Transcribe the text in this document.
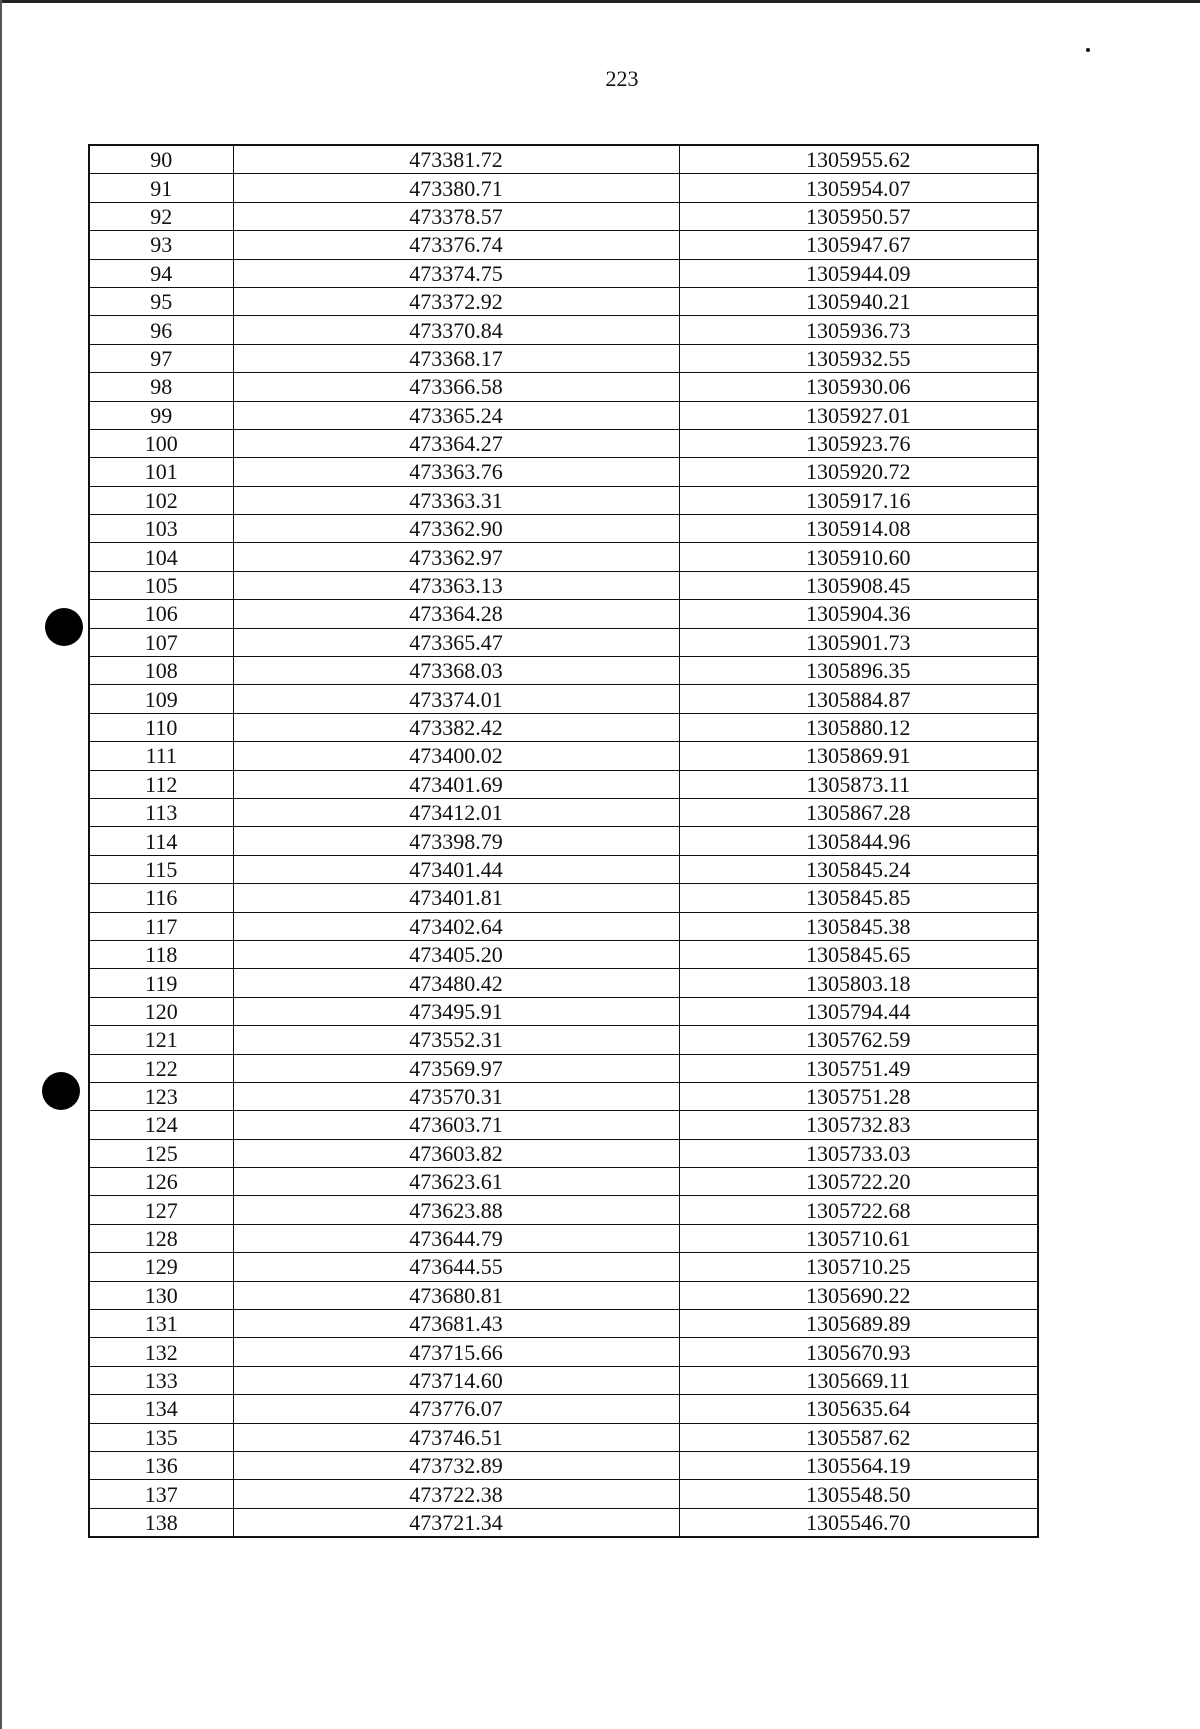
223
90	473381.72	1305955.62
91	473380.71	1305954.07
92	473378.57	1305950.57
93	473376.74	1305947.67
94	473374.75	1305944.09
95	473372.92	1305940.21
96	473370.84	1305936.73
97	473368.17	1305932.55
98	473366.58	1305930.06
99	473365.24	1305927.01
100	473364.27	1305923.76
101	473363.76	1305920.72
102	473363.31	1305917.16
103	473362.90	1305914.08
104	473362.97	1305910.60
105	473363.13	1305908.45
106	473364.28	1305904.36
107	473365.47	1305901.73
108	473368.03	1305896.35
109	473374.01	1305884.87
110	473382.42	1305880.12
111	473400.02	1305869.91
112	473401.69	1305873.11
113	473412.01	1305867.28
114	473398.79	1305844.96
115	473401.44	1305845.24
116	473401.81	1305845.85
117	473402.64	1305845.38
118	473405.20	1305845.65
119	473480.42	1305803.18
120	473495.91	1305794.44
121	473552.31	1305762.59
122	473569.97	1305751.49
123	473570.31	1305751.28
124	473603.71	1305732.83
125	473603.82	1305733.03
126	473623.61	1305722.20
127	473623.88	1305722.68
128	473644.79	1305710.61
129	473644.55	1305710.25
130	473680.81	1305690.22
131	473681.43	1305689.89
132	473715.66	1305670.93
133	473714.60	1305669.11
134	473776.07	1305635.64
135	473746.51	1305587.62
136	473732.89	1305564.19
137	473722.38	1305548.50
138	473721.34	1305546.70
